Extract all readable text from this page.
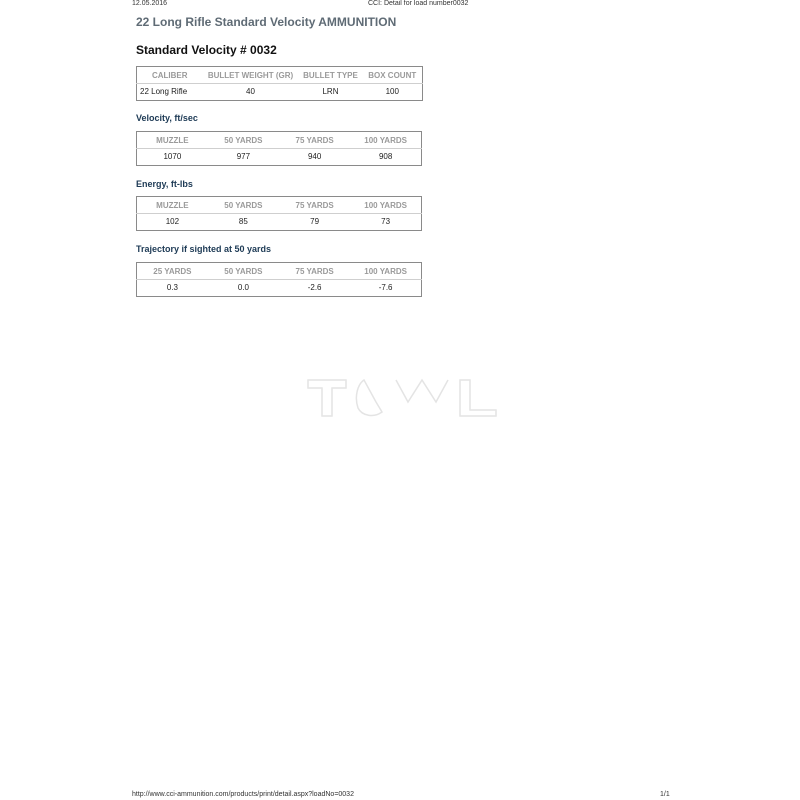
12.05.2016	CCI: Detail for load number0032
22 Long Rifle Standard Velocity AMMUNITION
Standard Velocity # 0032
CALIBER	BULLET WEIGHT (GR)	BULLET TYPE	BOX COUNT
22 Long Rifle	40	LRN	100
Velocity, ft/sec
MUZZLE	50 YARDS	75 YARDS	100 YARDS
1070	977	940	908
Energy, ft-lbs
MUZZLE	50 YARDS	75 YARDS	100 YARDS
102	85	79	73
Trajectory if sighted at 50 yards
25 YARDS	50 YARDS	75 YARDS	100 YARDS
0.3	0.0	-2.6	-7.6
http://www.cci-ammunition.com/products/print/detail.aspx?loadNo=0032	1/1
